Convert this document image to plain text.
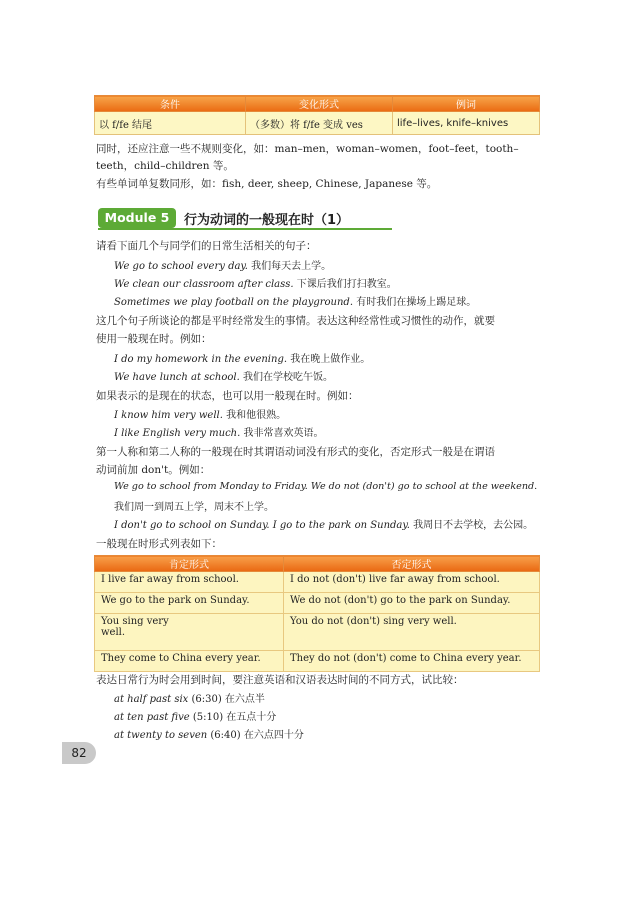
条件	变化形式	例词
以 f/fe 结尾	（多数）将 f/fe 变成 ves	life–lives, knife–knives
同时，还应注意一些不规则变化，如：man–men，woman–women，foot–feet，tooth–
teeth，child–children 等。
有些单词单复数同形，如：fish, deer, sheep, Chinese, Japanese 等。
Module 5	行为动词的一般现在时（1）
请看下面几个与同学们的日常生活相关的句子：
We go to school every day. 我们每天去上学。
We clean our classroom after class. 下课后我们打扫教室。
Sometimes we play football on the playground. 有时我们在操场上踢足球。
这几个句子所谈论的都是平时经常发生的事情。表达这种经常性或习惯性的动作，就要
使用一般现在时。例如：
I do my homework in the evening. 我在晚上做作业。
We have lunch at school. 我们在学校吃午饭。
如果表示的是现在的状态，也可以用一般现在时。例如：
I know him very well. 我和他很熟。
I like English very much. 我非常喜欢英语。
第一人称和第二人称的一般现在时其谓语动词没有形式的变化，否定形式一般是在谓语
动词前加 don't。例如：
We go to school from Monday to Friday. We do not (don't) go to school at the weekend.
我们周一到周五上学，周末不上学。
I don't go to school on Sunday. I go to the park on Sunday. 我周日不去学校，去公园。
一般现在时形式列表如下：
肯定形式	否定形式
I live far away from school.	I do not (don't) live far away from school.
We go to the park on Sunday.	We do not (don't) go to the park on Sunday.
You sing very
well.	You do not (don't) sing very well.
They come to China every year.	They do not (don't) come to China every year.
表达日常行为时会用到时间，要注意英语和汉语表达时间的不同方式，试比较：
at half past six (6:30) 在六点半
at ten past five (5:10) 在五点十分
at twenty to seven (6:40) 在六点四十分
82
